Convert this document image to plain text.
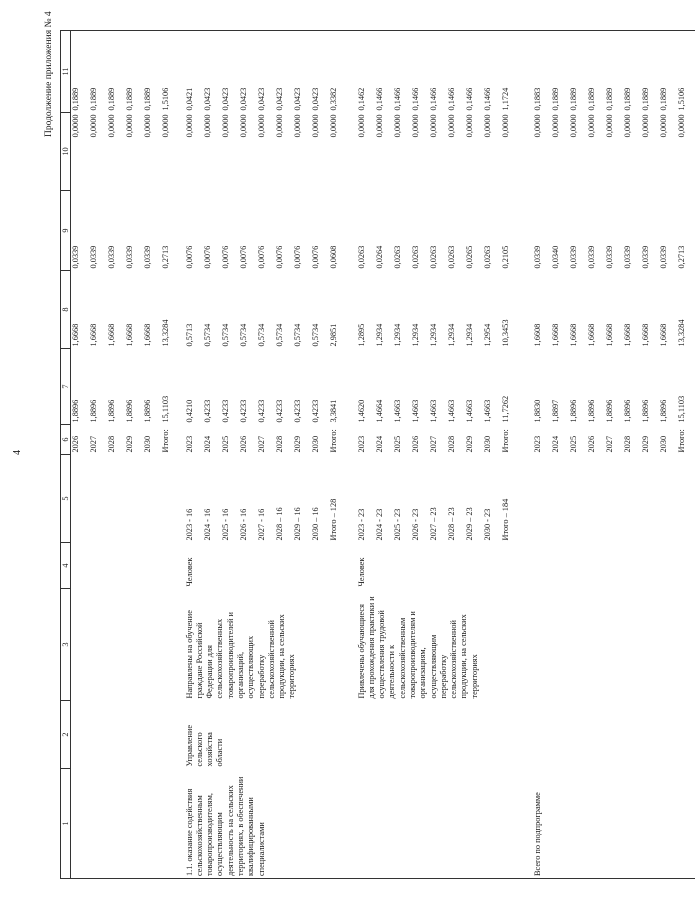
4
Продолжение приложения № 4
1	2	3	4	5	6	7	8	9	10	11
					2026	1,8896	1,6668	0,0339	0,0000	0,1889
					2027	1,8896	1,6668	0,0339	0,0000	0,1889
					2028	1,8896	1,6668	0,0339	0,0000	0,1889
					2029	1,8896	1,6668	0,0339	0,0000	0,1889
					2030	1,8896	1,6668	0,0339	0,0000	0,1889
					Итого:	15,1103	13,3284	0,2713	0,0000	1,5106

1.1. оказание содействия сельскохозяйственным товаропроизводителям, осуществляющим деятельность на сельских территориях, в обеспечении квалифицированными специалистами	Управление сельского хозяйства области	Направлены на обучение граждане Российской Федерации для сельскохозяйственных товаропроизводителей и организаций, осуществляющих переработку сельскохозяйственной продукции, на сельских территориях	Человек	2023 - 16	2023	0,4210	0,5713	0,0076	0,0000	0,0421
				2024 - 16	2024	0,4233	0,5734	0,0076	0,0000	0,0423
				2025 - 16	2025	0,4233	0,5734	0,0076	0,0000	0,0423
				2026 - 16	2026	0,4233	0,5734	0,0076	0,0000	0,0423
				2027 - 16	2027	0,4233	0,5734	0,0076	0,0000	0,0423
				2028 – 16	2028	0,4233	0,5734	0,0076	0,0000	0,0423
				2029 – 16	2029	0,4233	0,5734	0,0076	0,0000	0,0423
				2030 – 16	2030	0,4233	0,5734	0,0076	0,0000	0,0423
				Итого – 128	Итого:	3,3841	2,9851	0,0608	0,0000	0,3382

		Привлечены обучающиеся для прохождения практики и осуществления трудовой деятельности к сельскохозяйственным товаропроизводителям и организациям, осуществляющим переработку сельскохозяйственной продукции, на сельских территориях	Человек	2023 - 23	2023	1,4620	1,2895	0,0263	0,0000	0,1462
				2024 - 23	2024	1,4664	1,2934	0,0264	0,0000	0,1466
				2025 - 23	2025	1,4663	1,2934	0,0263	0,0000	0,1466
				2026 - 23	2026	1,4663	1,2934	0,0263	0,0000	0,1466
				2027 – 23	2027	1,4663	1,2934	0,0263	0,0000	0,1466
				2028 – 23	2028	1,4663	1,2934	0,0263	0,0000	0,1466
				2029 – 23	2029	1,4663	1,2934	0,0265	0,0000	0,1466
				2030 - 23	2030	1,4663	1,2954	0,0263	0,0000	0,1466
				Итого – 184	Итого:	11,7262	10,3453	0,2105	0,0000	1,1724

Всего по подпрограмме					2023	1,8830	1,6608	0,0339	0,0000	0,1883
					2024	1,8897	1,6668	0,0340	0,0000	0,1889
					2025	1,8896	1,6668	0,0339	0,0000	0,1889
					2026	1,8896	1,6668	0,0339	0,0000	0,1889
					2027	1,8896	1,6668	0,0339	0,0000	0,1889
					2028	1,8896	1,6668	0,0339	0,0000	0,1889
					2029	1,8896	1,6668	0,0339	0,0000	0,1889
					2030	1,8896	1,6668	0,0339	0,0000	0,1889
					Итого:	15,1103	13,3284	0,2713	0,0000	1,5106
